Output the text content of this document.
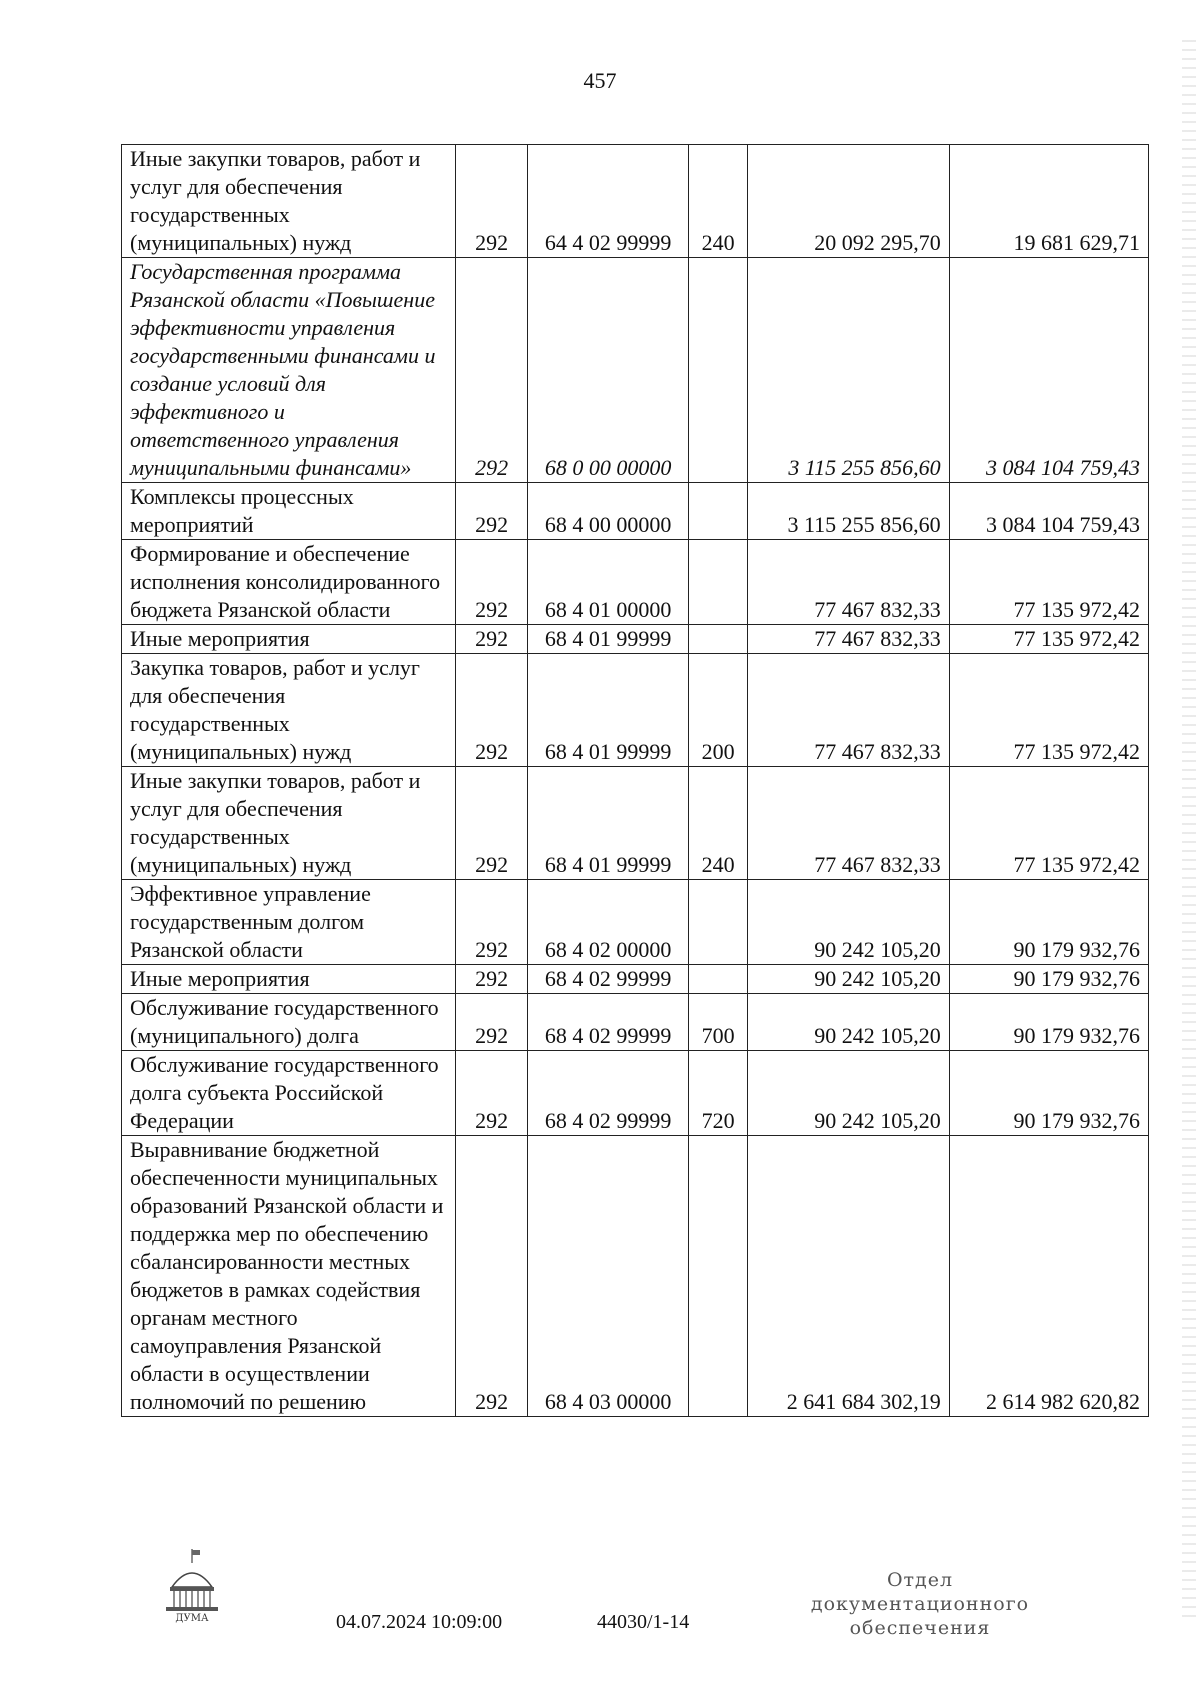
457
Иные закупки товаров, работ и услуг для обеспечения государственных (муниципальных) нужд	292	64 4 02 99999	240	20 092 295,70	19 681 629,71
Государственная программа Рязанской области «Повышение эффективности управления государственными финансами и создание условий для эффективного и ответственного управления муниципальными финансами»	292	68 0 00 00000		3 115 255 856,60	3 084 104 759,43
Комплексы процессных мероприятий	292	68 4 00 00000		3 115 255 856,60	3 084 104 759,43
Формирование и обеспечение исполнения консолидированного бюджета Рязанской области	292	68 4 01 00000		77 467 832,33	77 135 972,42
Иные мероприятия	292	68 4 01 99999		77 467 832,33	77 135 972,42
Закупка товаров, работ и услуг для обеспечения государственных (муниципальных) нужд	292	68 4 01 99999	200	77 467 832,33	77 135 972,42
Иные закупки товаров, работ и услуг для обеспечения государственных (муниципальных) нужд	292	68 4 01 99999	240	77 467 832,33	77 135 972,42
Эффективное управление государственным долгом Рязанской области	292	68 4 02 00000		90 242 105,20	90 179 932,76
Иные мероприятия	292	68 4 02 99999		90 242 105,20	90 179 932,76
Обслуживание государственного (муниципального) долга	292	68 4 02 99999	700	90 242 105,20	90 179 932,76
Обслуживание государственного долга субъекта Российской Федерации	292	68 4 02 99999	720	90 242 105,20	90 179 932,76
Выравнивание бюджетной обеспеченности муниципальных образований Рязанской области и поддержка мер по обеспечению сбалансированности местных бюджетов в рамках содействия органам местного самоуправления Рязанской области в осуществлении полномочий по решению	292	68 4 03 00000		2 641 684 302,19	2 614 982 620,82
ДУМА	04.07.2024 10:09:00	44030/1-14
Отдел документационного
обеспечения
